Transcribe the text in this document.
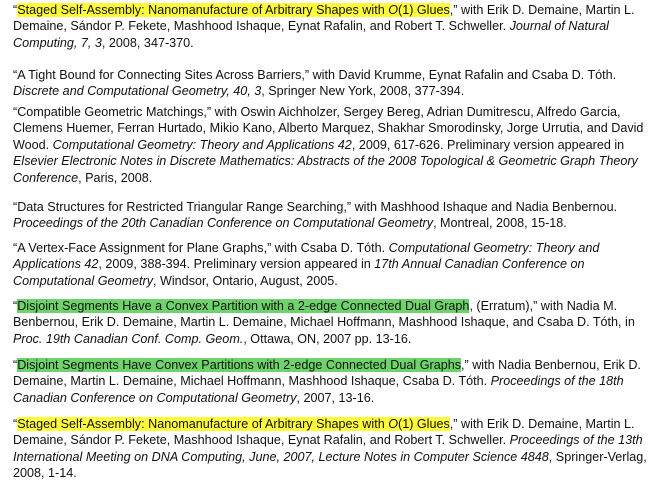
“Staged Self-Assembly: Nanomanufacture of Arbitrary Shapes with O(1) Glues,” with Erik D. Demaine, Martin L. Demaine, Sándor P. Fekete, Mashhood Ishaque, Eynat Rafalin, and Robert T. Schweller. Journal of Natural Computing, 7, 3, 2008, 347-370.

“A Tight Bound for Connecting Sites Across Barriers,” with David Krumme, Eynat Rafalin and Csaba D. Tóth. Discrete and Computational Geometry, 40, 3, Springer New York, 2008, 377-394.

“Compatible Geometric Matchings,” with Oswin Aichholzer, Sergey Bereg, Adrian Dumitrescu, Alfredo Garcia, Clemens Huemer, Ferran Hurtado, Mikio Kano, Alberto Marquez, Shakhar Smorodinsky, Jorge Urrutia, and David Wood. Computational Geometry: Theory and Applications 42, 2009, 617-626. Preliminary version appeared in Elsevier Electronic Notes in Discrete Mathematics: Abstracts of the 2008 Topological & Geometric Graph Theory Conference, Paris, 2008.

“Data Structures for Restricted Triangular Range Searching,” with Mashhood Ishaque and Nadia Benbernou. Proceedings of the 20th Canadian Conference on Computational Geometry, Montreal, 2008, 15-18.

“A Vertex-Face Assignment for Plane Graphs,” with Csaba D. Tóth. Computational Geometry: Theory and Applications 42, 2009, 388-394. Preliminary version appeared in 17th Annual Canadian Conference on Computational Geometry, Windsor, Ontario, August, 2005.

“Disjoint Segments Have a Convex Partition with a 2-edge Connected Dual Graph, (Erratum),” with Nadia M. Benbernou, Erik D. Demaine, Martin L. Demaine, Michael Hoffmann, Mashhood Ishaque, and Csaba D. Tóth, in Proc. 19th Canadian Conf. Comp. Geom., Ottawa, ON, 2007 pp. 13-16.

“Disjoint Segments Have Convex Partitions with 2-edge Connected Dual Graphs,” with Nadia Benbernou, Erik D. Demaine, Martin L. Demaine, Michael Hoffmann, Mashhood Ishaque, Csaba D. Tóth. Proceedings of the 18th Canadian Conference on Computational Geometry, 2007, 13-16.

“Staged Self-Assembly: Nanomanufacture of Arbitrary Shapes with O(1) Glues,” with Erik D. Demaine, Martin L. Demaine, Sándor P. Fekete, Mashhood Ishaque, Eynat Rafalin, and Robert T. Schweller. Proceedings of the 13th International Meeting on DNA Computing, June, 2007, Lecture Notes in Computer Science 4848, Springer-Verlag, 2008, 1-14.
